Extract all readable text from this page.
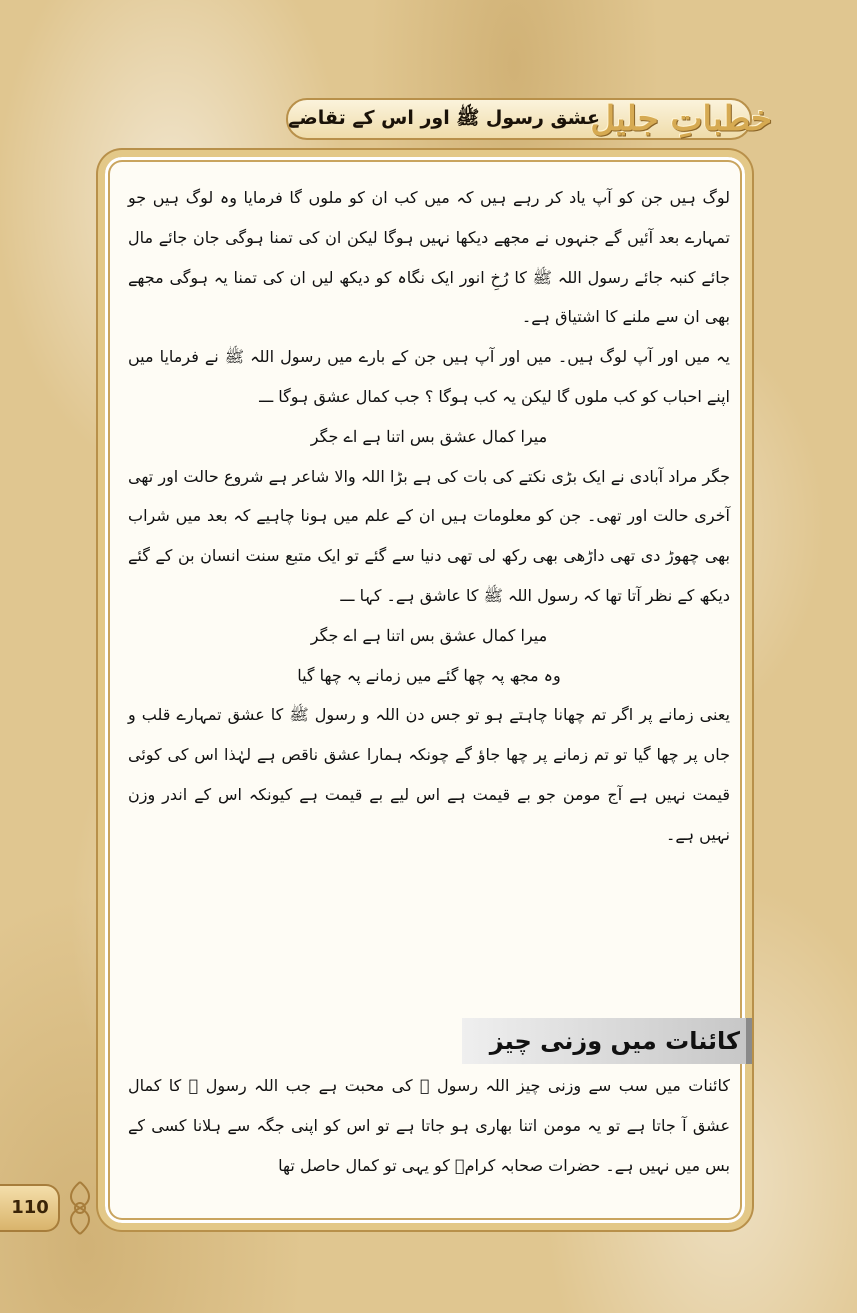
عشق رسول ﷺ اور اس کے تقاضے
خطباتِ جلیل

لوگ ہیں جن کو آپ یاد کر رہے ہیں کہ میں کب ان کو ملوں گا فرمایا وہ لوگ ہیں جو تمہارے بعد آئیں گے جنہوں نے مجھے دیکھا نہیں ہوگا لیکن ان کی تمنا ہوگی جان جائے مال جائے کنبہ جائے رسول اللہ ﷺ کا رُخِ انور ایک نگاہ کو دیکھ لیں ان کی تمنا یہ ہوگی مجھے بھی ان سے ملنے کا اشتیاق ہے۔

یہ میں اور آپ لوگ ہیں۔ میں اور آپ ہیں جن کے بارے میں رسول اللہ ﷺ نے فرمایا میں اپنے احباب کو کب ملوں گا لیکن یہ کب ہوگا ؟ جب کمال عشق ہوگا ـــ

میرا کمال عشق بس اتنا ہے اے جگر

جگر مراد آبادی نے ایک بڑی نکتے کی بات کی ہے بڑا اللہ والا شاعر ہے شروع حالت اور تھی آخری حالت اور تھی۔ جن کو معلومات ہیں ان کے علم میں ہونا چاہیے کہ بعد میں شراب بھی چھوڑ دی تھی داڑھی بھی رکھ لی تھی دنیا سے گئے تو ایک متبع سنت انسان بن کے گئے دیکھ کے نظر آتا تھا کہ رسول اللہ ﷺ کا عاشق ہے۔ کہا ـــ

میرا کمال عشق بس اتنا ہے اے جگر

وہ مجھ پہ چھا گئے میں زمانے پہ چھا گیا

یعنی زمانے پر اگر تم چھانا چاہتے ہو تو جس دن اللہ و رسول ﷺ کا عشق تمہارے قلب و جاں پر چھا گیا تو تم زمانے پر چھا جاؤ گے چونکہ ہمارا عشق ناقص ہے لہٰذا اس کی کوئی قیمت نہیں ہے آج مومن جو بے قیمت ہے اس لیے بے قیمت ہے کیونکہ اس کے اندر وزن نہیں ہے۔

کائنات میں وزنی چیز

کائنات میں سب سے وزنی چیز اللہ رسول ﷺ کی محبت ہے جب اللہ رسول ﷺ کا کمال عشق آ جاتا ہے تو یہ مومن اتنا بھاری ہو جاتا ہے تو اس کو اپنی جگہ سے ہلانا کسی کے بس میں نہیں ہے۔ حضرات صحابہ کرامؓ کو یہی تو کمال حاصل تھا

110
